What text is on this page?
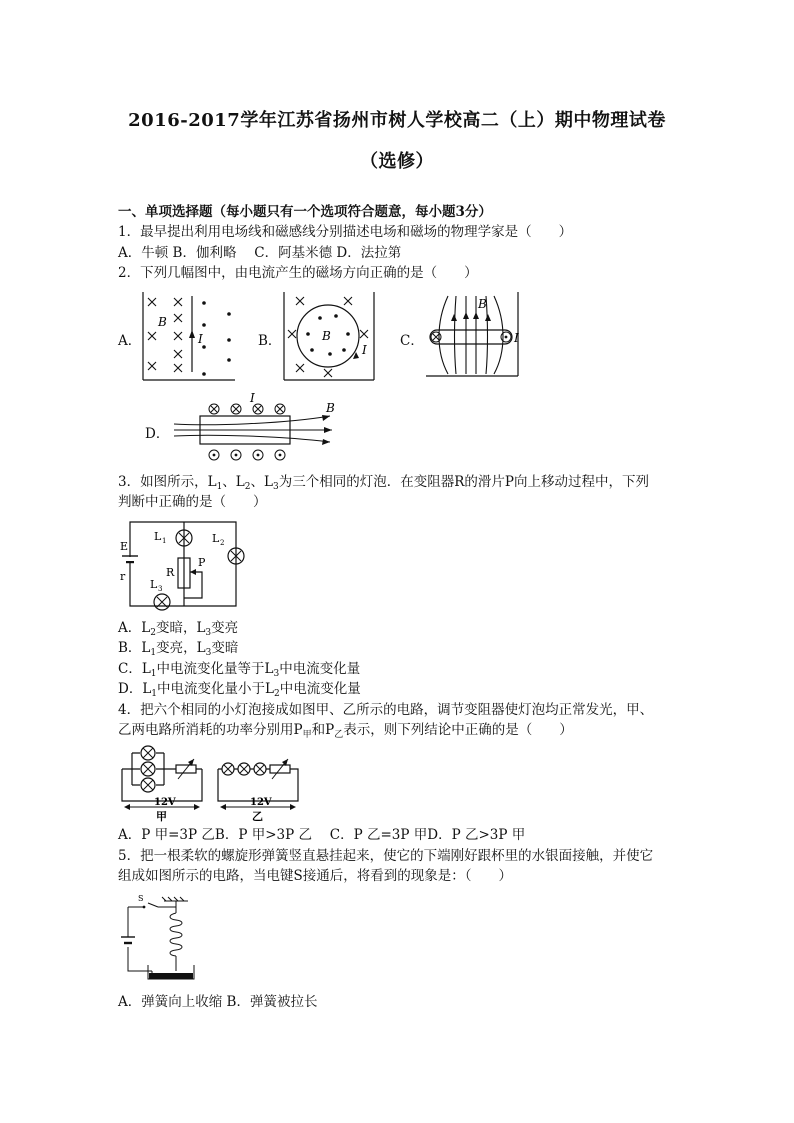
2016-2017学年江苏省扬州市树人学校高二（上）期中物理试卷
（选修）
一、单项选择题（每小题只有一个选项符合题意，每小题3分）
1．最早提出利用电场线和磁感线分别描述电场和磁场的物理学家是（　　）
A．牛顿 B．伽利略　 C．阿基米德 D．法拉第
2．下列几幅图中，由电流产生的磁场方向正确的是（　　）
A．	B．	C．
D．
B
I	B
I
B
I
I
B
3．如图所示，$L_1$、$L_2$、$L_3$为三个相同的灯泡．在变阻器R的滑片P向上移动过程中，下列
判断中正确的是（　　）
E
r
L 1	L 2
L 3
R
P
A．$L_2$变暗，$L_3$变亮
B．$L_1$变亮，$L_3$变暗
C．$L_1$中电流变化量等于$L_3$中电流变化量
D．$L_1$中电流变化量小于$L_2$中电流变化量
4．把六个相同的小灯泡接成如图甲、乙所示的电路，调节变阻器使灯泡均正常发光，甲、
乙两电路所消耗的功率分别用$P_甲$和$P_乙$表示，则下列结论中正确的是（　　）
12V
甲
12V
乙
A．P 甲=3P 乙B．P 甲>3P 乙　 C．P 乙=3P 甲D．P 乙>3P 甲
5．把一根柔软的螺旋形弹簧竖直悬挂起来，使它的下端刚好跟杯里的水银面接触，并使它
组成如图所示的电路，当电键S接通后，将看到的现象是：（　　）
S
A．弹簧向上收缩 B．弹簧被拉长
